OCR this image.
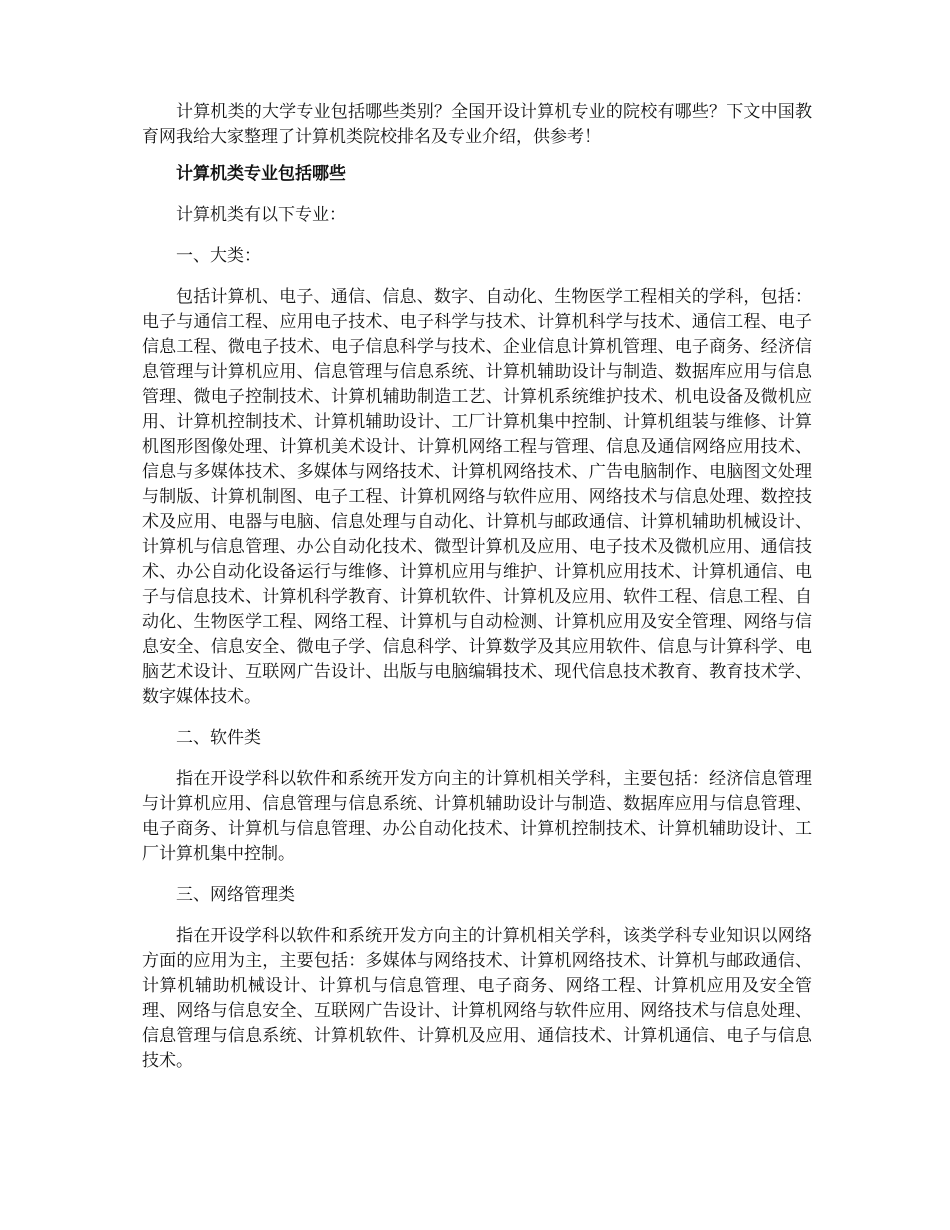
计算机类的大学专业包括哪些类别？全国开设计算机专业的院校有哪些？下文中国教育网我给大家整理了计算机类院校排名及专业介绍，供参考！

计算机类专业包括哪些

计算机类有以下专业：

一、大类：

包括计算机、电子、通信、信息、数字、自动化、生物医学工程相关的学科，包括：电子与通信工程、应用电子技术、电子科学与技术、计算机科学与技术、通信工程、电子信息工程、微电子技术、电子信息科学与技术、企业信息计算机管理、电子商务、经济信息管理与计算机应用、信息管理与信息系统、计算机辅助设计与制造、数据库应用与信息管理、微电子控制技术、计算机辅助制造工艺、计算机系统维护技术、机电设备及微机应用、计算机控制技术、计算机辅助设计、工厂计算机集中控制、计算机组装与维修、计算机图形图像处理、计算机美术设计、计算机网络工程与管理、信息及通信网络应用技术、信息与多媒体技术、多媒体与网络技术、计算机网络技术、广告电脑制作、电脑图文处理与制版、计算机制图、电子工程、计算机网络与软件应用、网络技术与信息处理、数控技术及应用、电器与电脑、信息处理与自动化、计算机与邮政通信、计算机辅助机械设计、计算机与信息管理、办公自动化技术、微型计算机及应用、电子技术及微机应用、通信技术、办公自动化设备运行与维修、计算机应用与维护、计算机应用技术、计算机通信、电子与信息技术、计算机科学教育、计算机软件、计算机及应用、软件工程、信息工程、自动化、生物医学工程、网络工程、计算机与自动检测、计算机应用及安全管理、网络与信息安全、信息安全、微电子学、信息科学、计算数学及其应用软件、信息与计算科学、电脑艺术设计、互联网广告设计、出版与电脑编辑技术、现代信息技术教育、教育技术学、数字媒体技术。

二、软件类

指在开设学科以软件和系统开发方向主的计算机相关学科，主要包括：经济信息管理与计算机应用、信息管理与信息系统、计算机辅助设计与制造、数据库应用与信息管理、电子商务、计算机与信息管理、办公自动化技术、计算机控制技术、计算机辅助设计、工厂计算机集中控制。

三、网络管理类

指在开设学科以软件和系统开发方向主的计算机相关学科，该类学科专业知识以网络方面的应用为主，主要包括：多媒体与网络技术、计算机网络技术、计算机与邮政通信、计算机辅助机械设计、计算机与信息管理、电子商务、网络工程、计算机应用及安全管理、网络与信息安全、互联网广告设计、计算机网络与软件应用、网络技术与信息处理、信息管理与信息系统、计算机软件、计算机及应用、通信技术、计算机通信、电子与信息技术。
